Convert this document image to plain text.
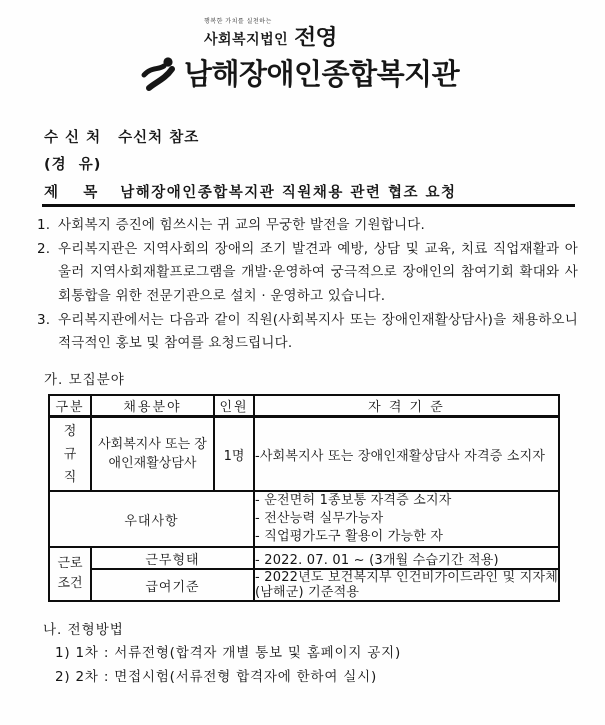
행복한 가치를 실천하는
사회복지법인 전영
남해장애인종합복지관
수 신 처 수신처 참조
(경  유)
제    목 남해장애인종합복지관 직원채용 관련 협조 요청
1. 사회복지 증진에 힘쓰시는 귀 교의 무궁한 발전을 기원합니다.
2. 우리복지관은 지역사회의 장애의 조기 발견과 예방, 상담 및 교육, 치료 직업재활과 아울러 지역사회재활프로그램을 개발·운영하여 궁극적으로 장애인의 참여기회 확대와 사회통합을 위한 전문기관으로 설치 · 운영하고 있습니다.
3. 우리복지관에서는 다음과 같이 직원(사회복지사 또는 장애인재활상담사)을 채용하오니 적극적인 홍보 및 참여를 요청드립니다.
가. 모집분야
구분	채용분야	인원	자 격 기 준

정규직	사회복지사 또는 장애인재활상담사	1명	-사회복지사 또는 장애인재활상담사 자격증 소지자
우대사항			- 운전면허 1종보통 자격증 소지자
- 전산능력 실무가능자
- 직업평가도구 활용이 가능한 자

근로조건	근무형태		- 2022. 07. 01 ~ (3개월 수습기간 적용)
	급여기준		- 2022년도 보건복지부 인건비가이드라인 및 지자체(남해군) 기준적용
나. 전형방법
1) 1차 : 서류전형(합격자 개별 통보 및 홈페이지 공지)
2) 2차 : 면접시험(서류전형 합격자에 한하여 실시)
